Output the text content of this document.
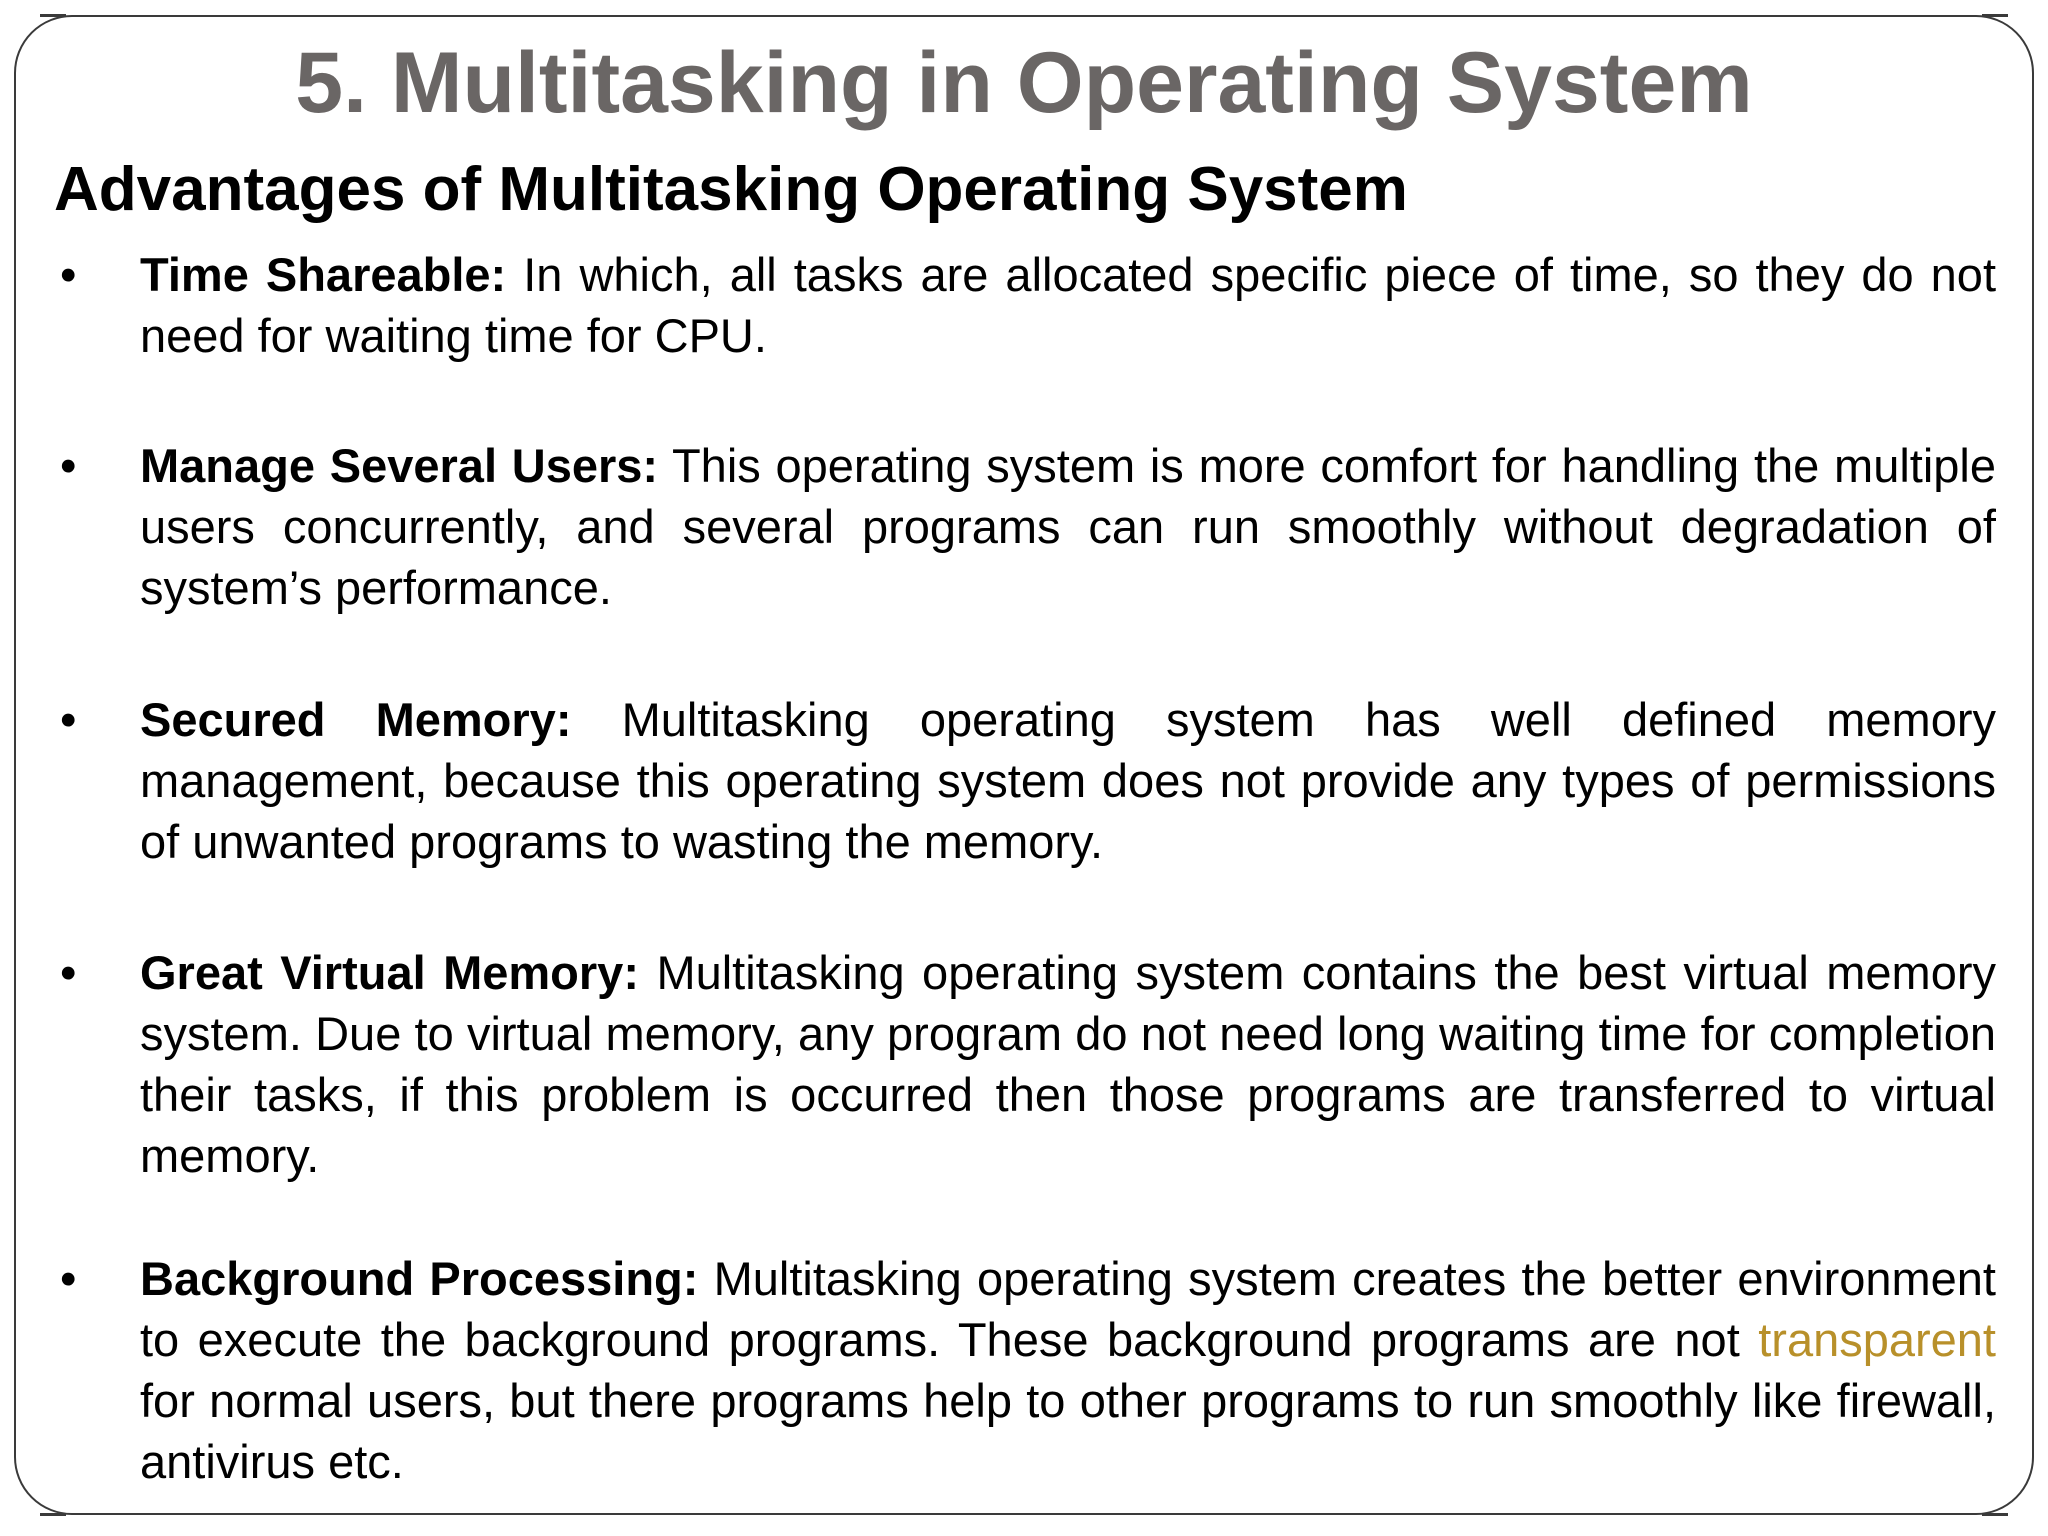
5. Multitasking in Operating System
Advantages of Multitasking Operating System
• Time Shareable: In which, all tasks are allocated specific piece of time, so they do not need for waiting time for CPU.
• Manage Several Users: This operating system is more comfort for handling the multiple users concurrently, and several programs can run smoothly without degradation of system’s performance.
• Secured Memory: Multitasking operating system has well defined memory management, because this operating system does not provide any types of permissions of unwanted programs to wasting the memory.
• Great Virtual Memory: Multitasking operating system contains the best virtual memory system. Due to virtual memory, any program do not need long waiting time for completion their tasks, if this problem is occurred then those programs are transferred to virtual memory.
• Background Processing: Multitasking operating system creates the better environment to execute the background programs. These background programs are not transparent for normal users, but there programs help to other programs to run smoothly like firewall, antivirus etc.
